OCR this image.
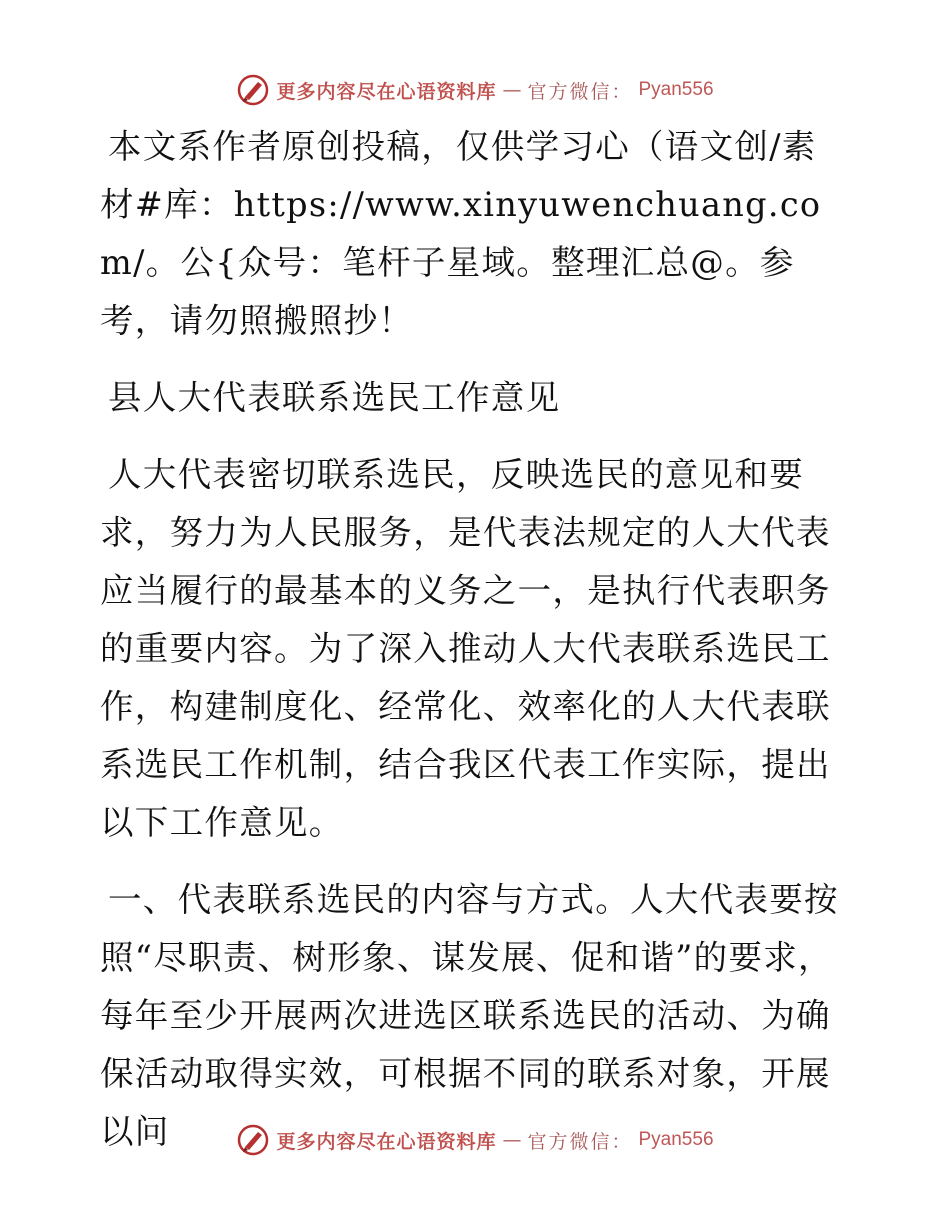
更多内容尽在心语资料库 — 官方微信： Pyan556

本文系作者原创投稿，仅供学习心（语文创/素材#库：https://www.xinyuwenchuang.com/。公{众号：笔杆子星域。整理汇总@。参考，请勿照搬照抄！

县人大代表联系选民工作意见

人大代表密切联系选民，反映选民的意见和要求，努力为人民服务，是代表法规定的人大代表应当履行的最基本的义务之一，是执行代表职务的重要内容。为了深入推动人大代表联系选民工作，构建制度化、经常化、效率化的人大代表联系选民工作机制，结合我区代表工作实际，提出以下工作意见。

一、代表联系选民的内容与方式。人大代表要按照“尽职责、树形象、谋发展、促和谐”的要求，每年至少开展两次进选区联系选民的活动、为确保活动取得实效，可根据不同的联系对象，开展以问	更多内容尽在心语资料库 — 官方微信： Pyan556
